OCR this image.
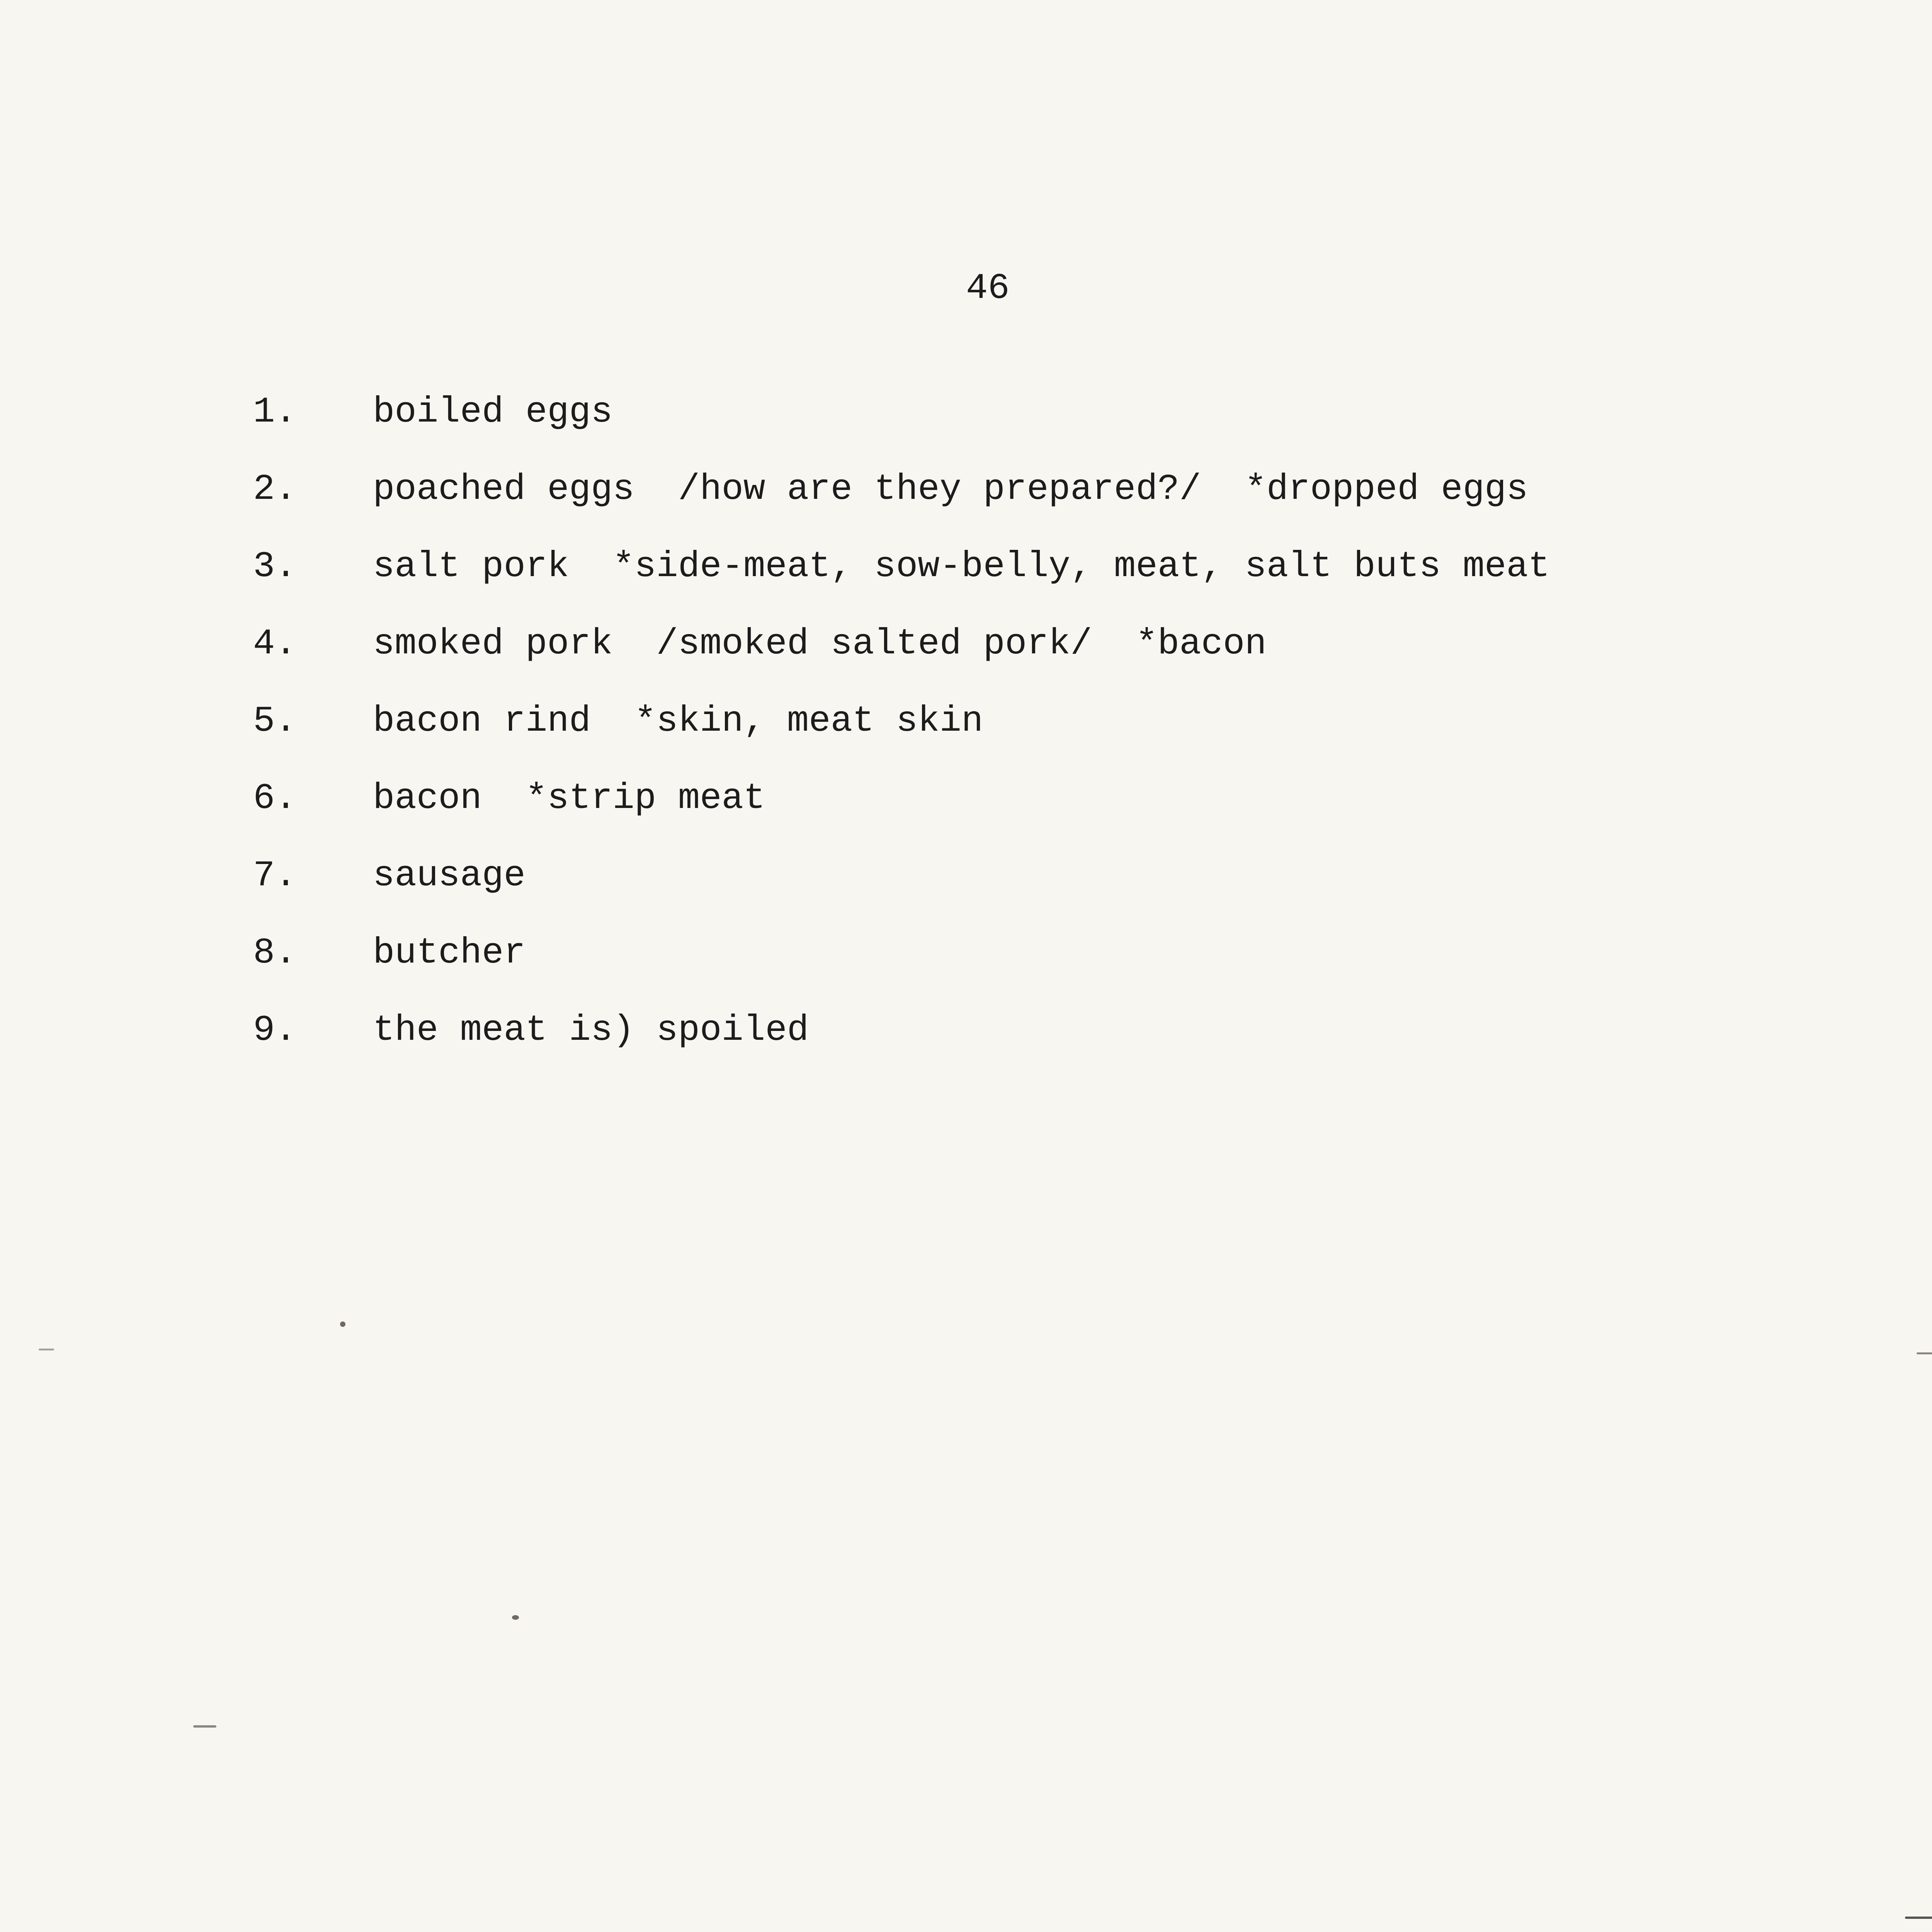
46
1. boiled eggs
2. poached eggs  /how are they prepared?/  *dropped eggs
3. salt pork  *side-meat, sow-belly, meat, salt buts meat
4. smoked pork  /smoked salted pork/  *bacon
5. bacon rind  *skin, meat skin
6. bacon  *strip meat
7. sausage
8. butcher
9. the meat is) spoiled
